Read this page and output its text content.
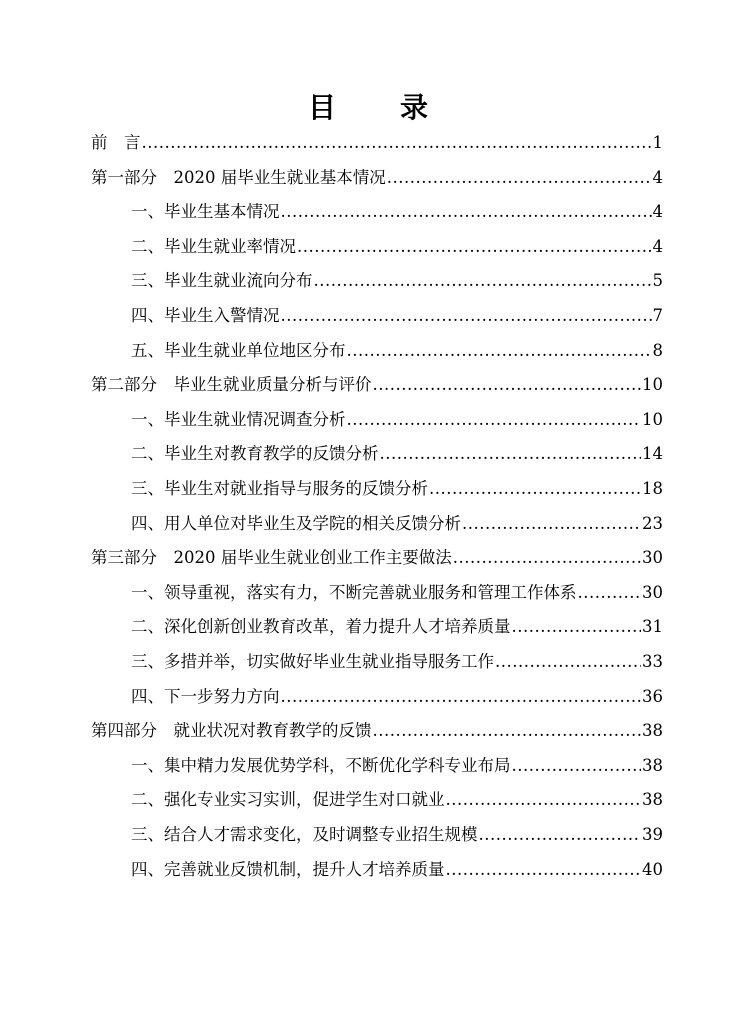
目　录
前　言 .....	1
第一部分　2020 届毕业生就业基本情况 .....	4
一、毕业生基本情况 .....	4
二、毕业生就业率情况 .....	4
三、毕业生就业流向分布 .....	5
四、毕业生入警情况 .....	7
五、毕业生就业单位地区分布 .....	8
第二部分　毕业生就业质量分析与评价 .....	10
一、毕业生就业情况调查分析 .....	10
二、毕业生对教育教学的反馈分析 .....	14
三、毕业生对就业指导与服务的反馈分析 .....	18
四、用人单位对毕业生及学院的相关反馈分析 .....	23
第三部分　2020 届毕业生就业创业工作主要做法 .....	30
一、领导重视，落实有力，不断完善就业服务和管理工作体系 .....	30
二、深化创新创业教育改革，着力提升人才培养质量 .....	31
三、多措并举，切实做好毕业生就业指导服务工作 .....	33
四、下一步努力方向 .....	36
第四部分　就业状况对教育教学的反馈 .....	38
一、集中精力发展优势学科，不断优化学科专业布局 .....	38
二、强化专业实习实训，促进学生对口就业 .....	38
三、结合人才需求变化，及时调整专业招生规模 .....	39
四、完善就业反馈机制，提升人才培养质量 .....	40
